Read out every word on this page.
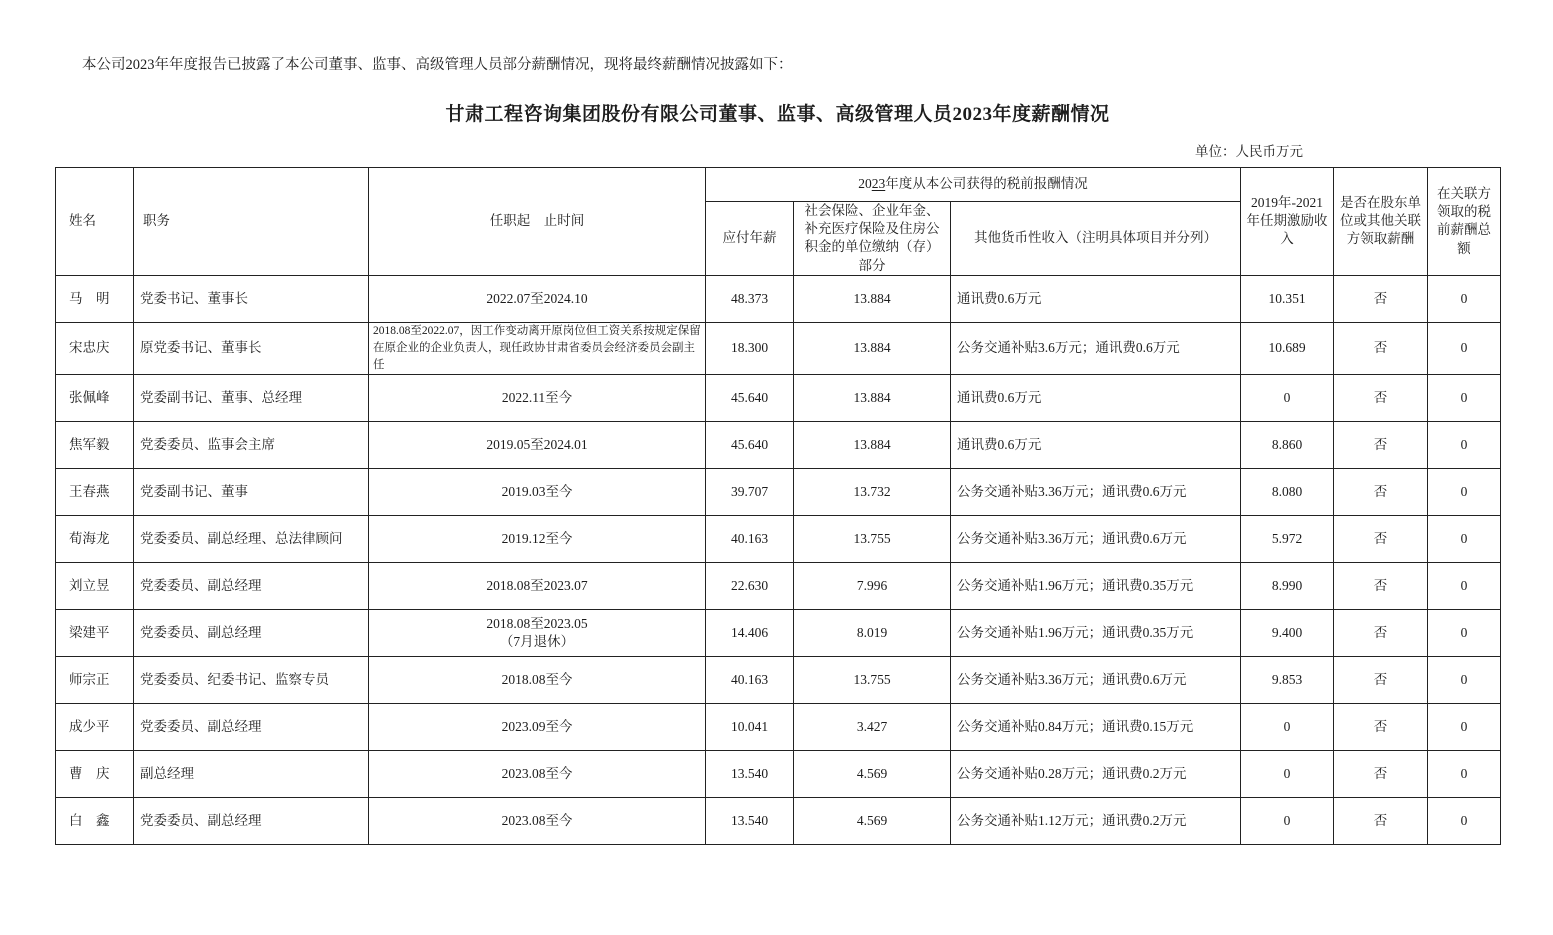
本公司2023年年度报告已披露了本公司董事、监事、高级管理人员部分薪酬情况，现将最终薪酬情况披露如下：

甘肃工程咨询集团股份有限公司董事、监事、高级管理人员2023年度薪酬情况
单位：人民币万元
姓名	职务	任职起　止时间	2023年度从本公司获得的税前报酬情况			2019年-2021年任期激励收入	是否在股东单位或其他关联方领取薪酬	在关联方领取的税前薪酬总额
			应付年薪	社会保险、企业年金、补充医疗保险及住房公积金的单位缴纳（存）部分	其他货币性收入（注明具体项目并分列）			
马　明	党委书记、董事长	2022.07至2024.10	48.373	13.884	通讯费0.6万元	10.351	否	0
宋忠庆	原党委书记、董事长	2018.08至2022.07，因工作变动离开原岗位但工资关系按规定保留在原企业的企业负责人，现任政协甘肃省委员会经济委员会副主任	18.300	13.884	公务交通补贴3.6万元；通讯费0.6万元	10.689	否	0
张佩峰	党委副书记、董事、总经理	2022.11至今	45.640	13.884	通讯费0.6万元	0	否	0
焦军毅	党委委员、监事会主席	2019.05至2024.01	45.640	13.884	通讯费0.6万元	8.860	否	0
王春燕	党委副书记、董事	2019.03至今	39.707	13.732	公务交通补贴3.36万元；通讯费0.6万元	8.080	否	0
荀海龙	党委委员、副总经理、总法律顾问	2019.12至今	40.163	13.755	公务交通补贴3.36万元；通讯费0.6万元	5.972	否	0
刘立昱	党委委员、副总经理	2018.08至2023.07	22.630	7.996	公务交通补贴1.96万元；通讯费0.35万元	8.990	否	0
梁建平	党委委员、副总经理	2018.08至2023.05
（7月退休）	14.406	8.019	公务交通补贴1.96万元；通讯费0.35万元	9.400	否	0
师宗正	党委委员、纪委书记、监察专员	2018.08至今	40.163	13.755	公务交通补贴3.36万元；通讯费0.6万元	9.853	否	0
成少平	党委委员、副总经理	2023.09至今	10.041	3.427	公务交通补贴0.84万元；通讯费0.15万元	0	否	0
曹　庆	副总经理	2023.08至今	13.540	4.569	公务交通补贴0.28万元；通讯费0.2万元	0	否	0
白　鑫	党委委员、副总经理	2023.08至今	13.540	4.569	公务交通补贴1.12万元；通讯费0.2万元	0	否	0
